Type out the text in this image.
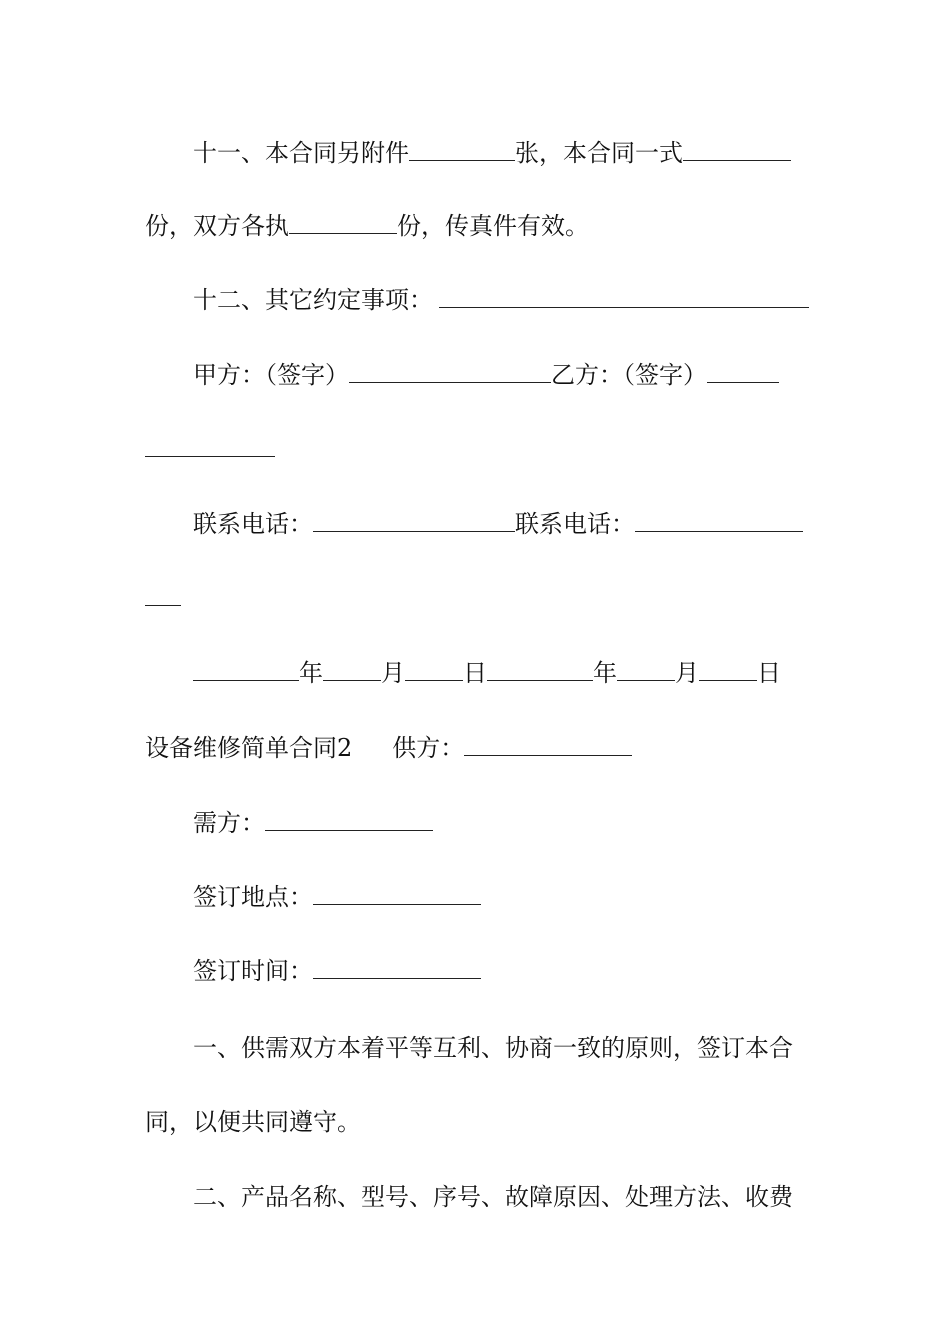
十一、本合同另附件	张，本合同一式
份，双方各执	份，传真件有效。
十二、其它约定事项：
甲方：（签字）	乙方：（签字）
联系电话：	联系电话：
年 月 日	年 月 日
设备维修简单合同2 供方：
需方：
签订地点：
签订时间：
一、供需双方本着平等互利、协商一致的原则，签订本合
同，以便共同遵守。
二、产品名称、型号、序号、故障原因、处理方法、收费
